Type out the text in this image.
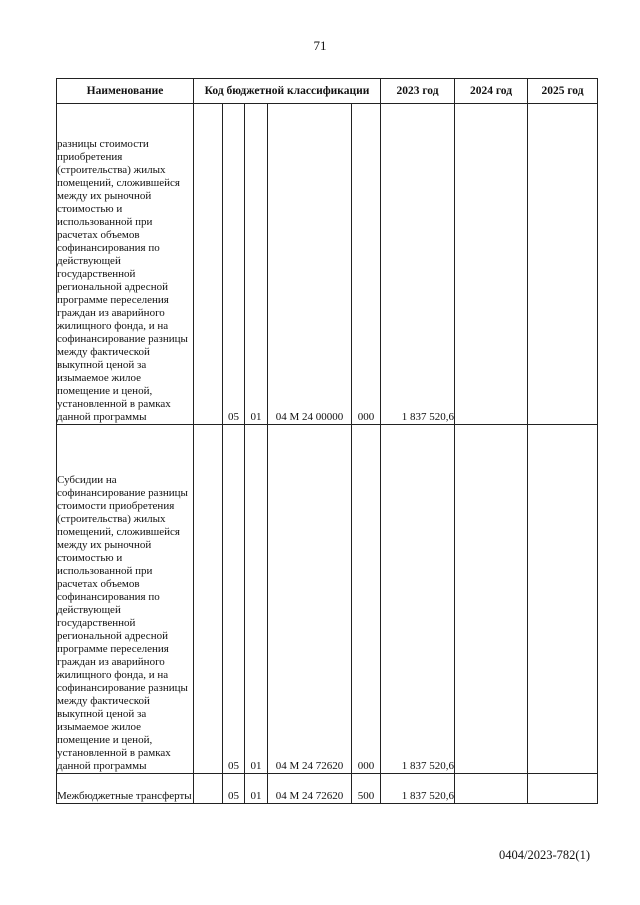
71
Наименование	Код бюджетной классификации					2023 год	2024 год	2025 год
разницы стоимости приобретения (строительства) жилых помещений, сложившейся между их рыночной стоимостью и использованной при расчетах объемов софинансирования по действующей государственной региональной адресной программе переселения граждан из аварийного жилищного фонда, и на софинансирование разницы между фактической выкупной ценой за изымаемое жилое помещение и ценой, установленной в рамках данной программы		05	01	04 М 24 00000	000	1 837 520,6		
Субсидии на софинансирование разницы стоимости приобретения (строительства) жилых помещений, сложившейся между их рыночной стоимостью и использованной при расчетах объемов софинансирования по действующей государственной региональной адресной программе переселения граждан из аварийного жилищного фонда, и на софинансирование разницы между фактической выкупной ценой за изымаемое жилое помещение и ценой, установленной в рамках данной программы		05	01	04 М 24 72620	000	1 837 520,6		
Межбюджетные трансферты		05	01	04 М 24 72620	500	1 837 520,6		
0404/2023-782(1)
